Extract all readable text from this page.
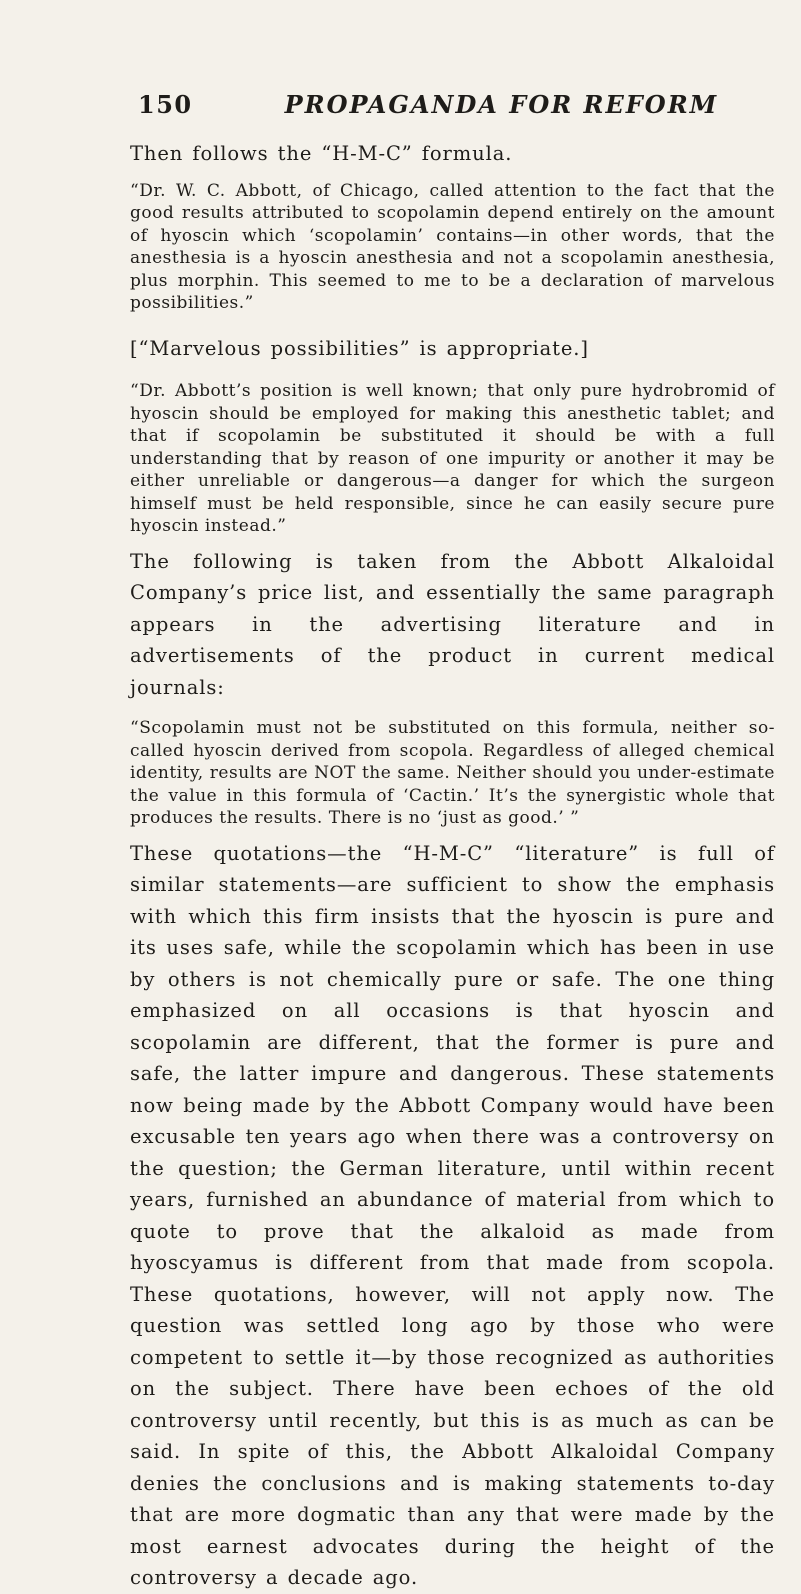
150	PROPAGANDA FOR REFORM

Then follows the “H-M-C” formula.

“Dr. W. C. Abbott, of Chicago, called attention to the fact that the good results attributed to scopolamin depend entirely on the amount of hyoscin which ‘scopolamin’ contains—in other words, that the anesthesia is a hyoscin anesthesia and not a scopolamin anesthesia, plus morphin. This seemed to me to be a declaration of marvelous possibilities.”

[“Marvelous possibilities” is appropriate.]

“Dr. Abbott’s position is well known; that only pure hydrobromid of hyoscin should be employed for making this anesthetic tablet; and that if scopolamin be substituted it should be with a full understanding that by reason of one impurity or another it may be either unreliable or dangerous—a danger for which the surgeon himself must be held responsible, since he can easily secure pure hyoscin instead.”

The following is taken from the Abbott Alkaloidal Company’s price list, and essentially the same paragraph appears in the advertising literature and in advertisements of the product in current medical journals:

“Scopolamin must not be substituted on this formula, neither so-called hyoscin derived from scopola. Regardless of alleged chemical identity, results are NOT the same. Neither should you under-estimate the value in this formula of ‘Cactin.’ It’s the synergistic whole that produces the results. There is no ‘just as good.’ ”

These quotations—the “H-M-C” “literature” is full of similar statements—are sufficient to show the emphasis with which this firm insists that the hyoscin is pure and its uses safe, while the scopolamin which has been in use by others is not chemically pure or safe. The one thing emphasized on all occasions is that hyoscin and scopolamin are different, that the former is pure and safe, the latter impure and dangerous. These statements now being made by the Abbott Company would have been excusable ten years ago when there was a controversy on the question; the German literature, until within recent years, furnished an abundance of material from which to quote to prove that the alkaloid as made from hyoscyamus is different from that made from scopola. These quotations, however, will not apply now. The question was settled long ago by those who were competent to settle it—by those recognized as authorities on the subject. There have been echoes of the old controversy until recently, but this is as much as can be said. In spite of this, the Abbott Alkaloidal Company denies the conclusions and is making statements to-day that are more dogmatic than any that were made by the most earnest advocates during the height of the controversy a decade ago.
